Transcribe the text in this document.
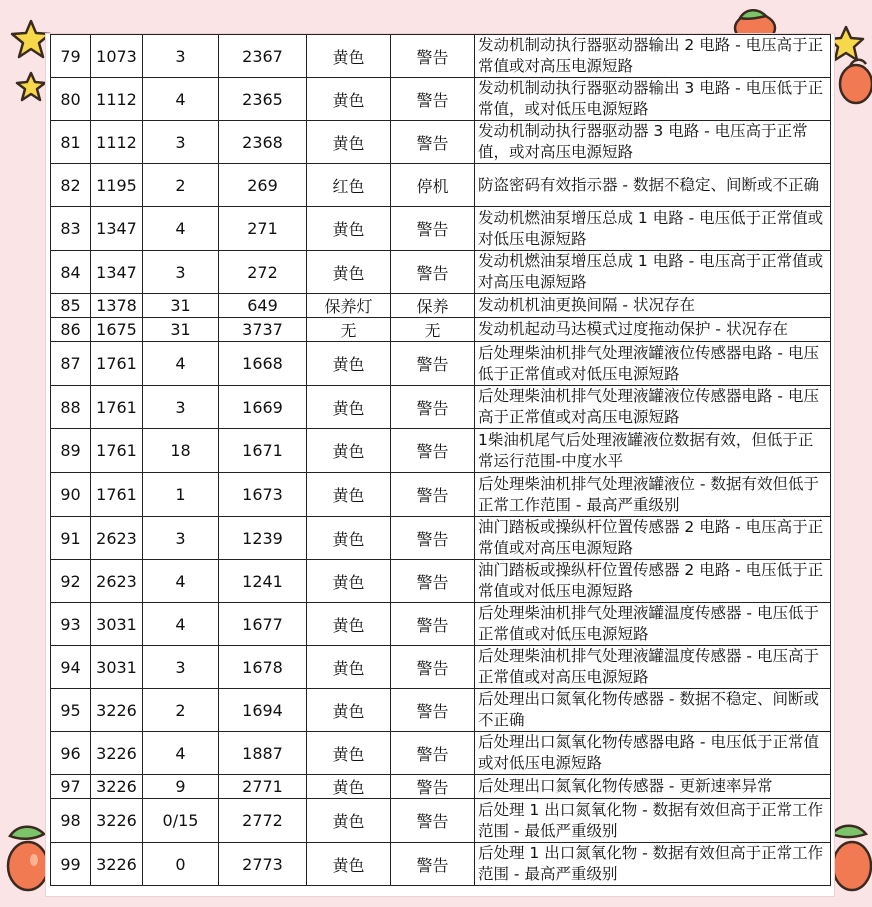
79	1073	3	2367	黄色	警告	发动机制动执行器驱动器输出 2 电路 - 电压高于正常值或对高压电源短路
80	1112	4	2365	黄色	警告	发动机制动执行器驱动器输出 3 电路 - 电压低于正常值，或对低压电源短路
81	1112	3	2368	黄色	警告	发动机制动执行器驱动器 3 电路 - 电压高于正常值，或对高压电源短路
82	1195	2	269	红色	停机	防盗密码有效指示器 - 数据不稳定、间断或不正确
83	1347	4	271	黄色	警告	发动机燃油泵增压总成 1 电路 - 电压低于正常值或对低压电源短路
84	1347	3	272	黄色	警告	发动机燃油泵增压总成 1 电路 - 电压高于正常值或对高压电源短路
85	1378	31	649	保养灯	保养	发动机机油更换间隔 - 状况存在
86	1675	31	3737	无	无	发动机起动马达模式过度拖动保护 - 状况存在
87	1761	4	1668	黄色	警告	后处理柴油机排气处理液罐液位传感器电路 - 电压低于正常值或对低压电源短路
88	1761	3	1669	黄色	警告	后处理柴油机排气处理液罐液位传感器电路 - 电压高于正常值或对高压电源短路
89	1761	18	1671	黄色	警告	1柴油机尾气后处理液罐液位数据有效，但低于正常运行范围-中度水平
90	1761	1	1673	黄色	警告	后处理柴油机排气处理液罐液位 - 数据有效但低于正常工作范围 - 最高严重级别
91	2623	3	1239	黄色	警告	油门踏板或操纵杆位置传感器 2 电路 - 电压高于正常值或对高压电源短路
92	2623	4	1241	黄色	警告	油门踏板或操纵杆位置传感器 2 电路 - 电压低于正常值或对低压电源短路
93	3031	4	1677	黄色	警告	后处理柴油机排气处理液罐温度传感器 - 电压低于正常值或对低压电源短路
94	3031	3	1678	黄色	警告	后处理柴油机排气处理液罐温度传感器 - 电压高于正常值或对高压电源短路
95	3226	2	1694	黄色	警告	后处理出口氮氧化物传感器 - 数据不稳定、间断或不正确
96	3226	4	1887	黄色	警告	后处理出口氮氧化物传感器电路 - 电压低于正常值或对低压电源短路
97	3226	9	2771	黄色	警告	后处理出口氮氧化物传感器 - 更新速率异常
98	3226	0/15	2772	黄色	警告	后处理 1 出口氮氧化物 - 数据有效但高于正常工作范围 - 最低严重级别
99	3226	0	2773	黄色	警告	后处理 1 出口氮氧化物 - 数据有效但高于正常工作范围 - 最高严重级别
